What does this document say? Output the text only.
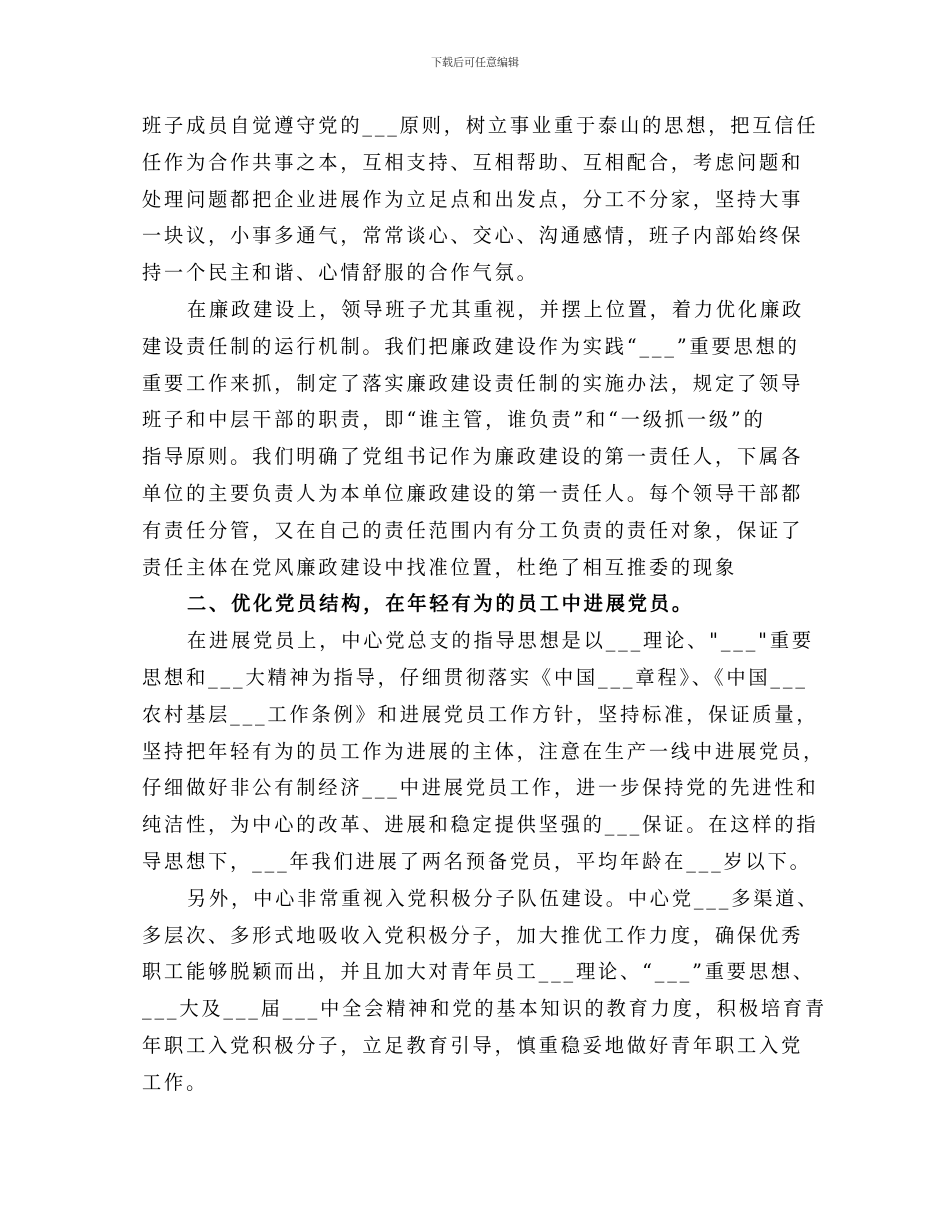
下载后可任意编辑
班子成员自觉遵守党的___原则，树立事业重于泰山的思想，把互信任
任作为合作共事之本，互相支持、互相帮助、互相配合，考虑问题和
处理问题都把企业进展作为立足点和出发点，分工不分家，坚持大事
一块议，小事多通气，常常谈心、交心、沟通感情，班子内部始终保
持一个民主和谐、心情舒服的合作气氛。
在廉政建设上，领导班子尤其重视，并摆上位置，着力优化廉政
建设责任制的运行机制。我们把廉政建设作为实践“___”重要思想的
重要工作来抓，制定了落实廉政建设责任制的实施办法，规定了领导
班子和中层干部的职责，即“谁主管，谁负责”和“一级抓一级”的
指导原则。我们明确了党组书记作为廉政建设的第一责任人，下属各
单位的主要负责人为本单位廉政建设的第一责任人。每个领导干部都
有责任分管，又在自己的责任范围内有分工负责的责任对象，保证了
责任主体在党风廉政建设中找准位置，杜绝了相互推委的现象
二、优化党员结构，在年轻有为的员工中进展党员。
在进展党员上，中心党总支的指导思想是以___理论、"___"重要
思想和___大精神为指导，仔细贯彻落实《中国___章程》、《中国___
农村基层___工作条例》和进展党员工作方针，坚持标准，保证质量，
坚持把年轻有为的员工作为进展的主体，注意在生产一线中进展党员，
仔细做好非公有制经济___中进展党员工作，进一步保持党的先进性和
纯洁性，为中心的改革、进展和稳定提供坚强的___保证。在这样的指
导思想下，___年我们进展了两名预备党员，平均年龄在___岁以下。
另外，中心非常重视入党积极分子队伍建设。中心党___多渠道、
多层次、多形式地吸收入党积极分子，加大推优工作力度，确保优秀
职工能够脱颖而出，并且加大对青年员工___理论、“___”重要思想、
___大及___届___中全会精神和党的基本知识的教育力度，积极培育青
年职工入党积极分子，立足教育引导，慎重稳妥地做好青年职工入党
工作。
